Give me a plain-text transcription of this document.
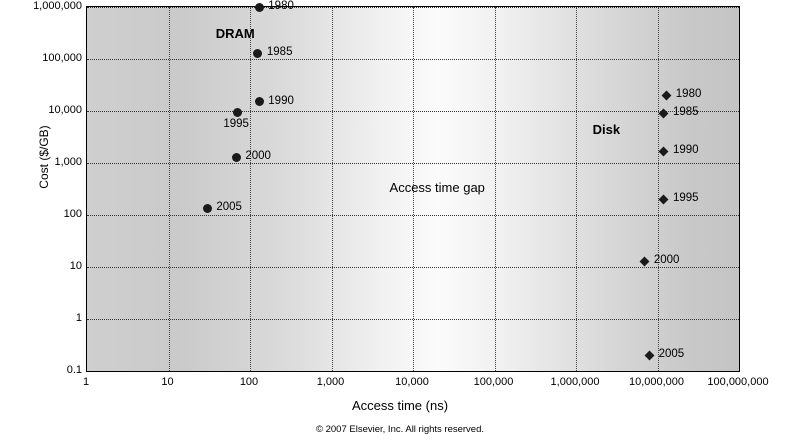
1980
1985
1990
1995
2000
2005
1980
1985
1990
1995
2000
2005
DRAM
Disk
Access time gap
Cost ($/GB)
Access time (ns)
© 2007 Elsevier, Inc. All rights reserved.
0.1
1
10
100
1,000
10,000
100,000
1,000,000
1	10	100	1,000	10,000	100,000	1,000,000	10,000,000	100,000,000
